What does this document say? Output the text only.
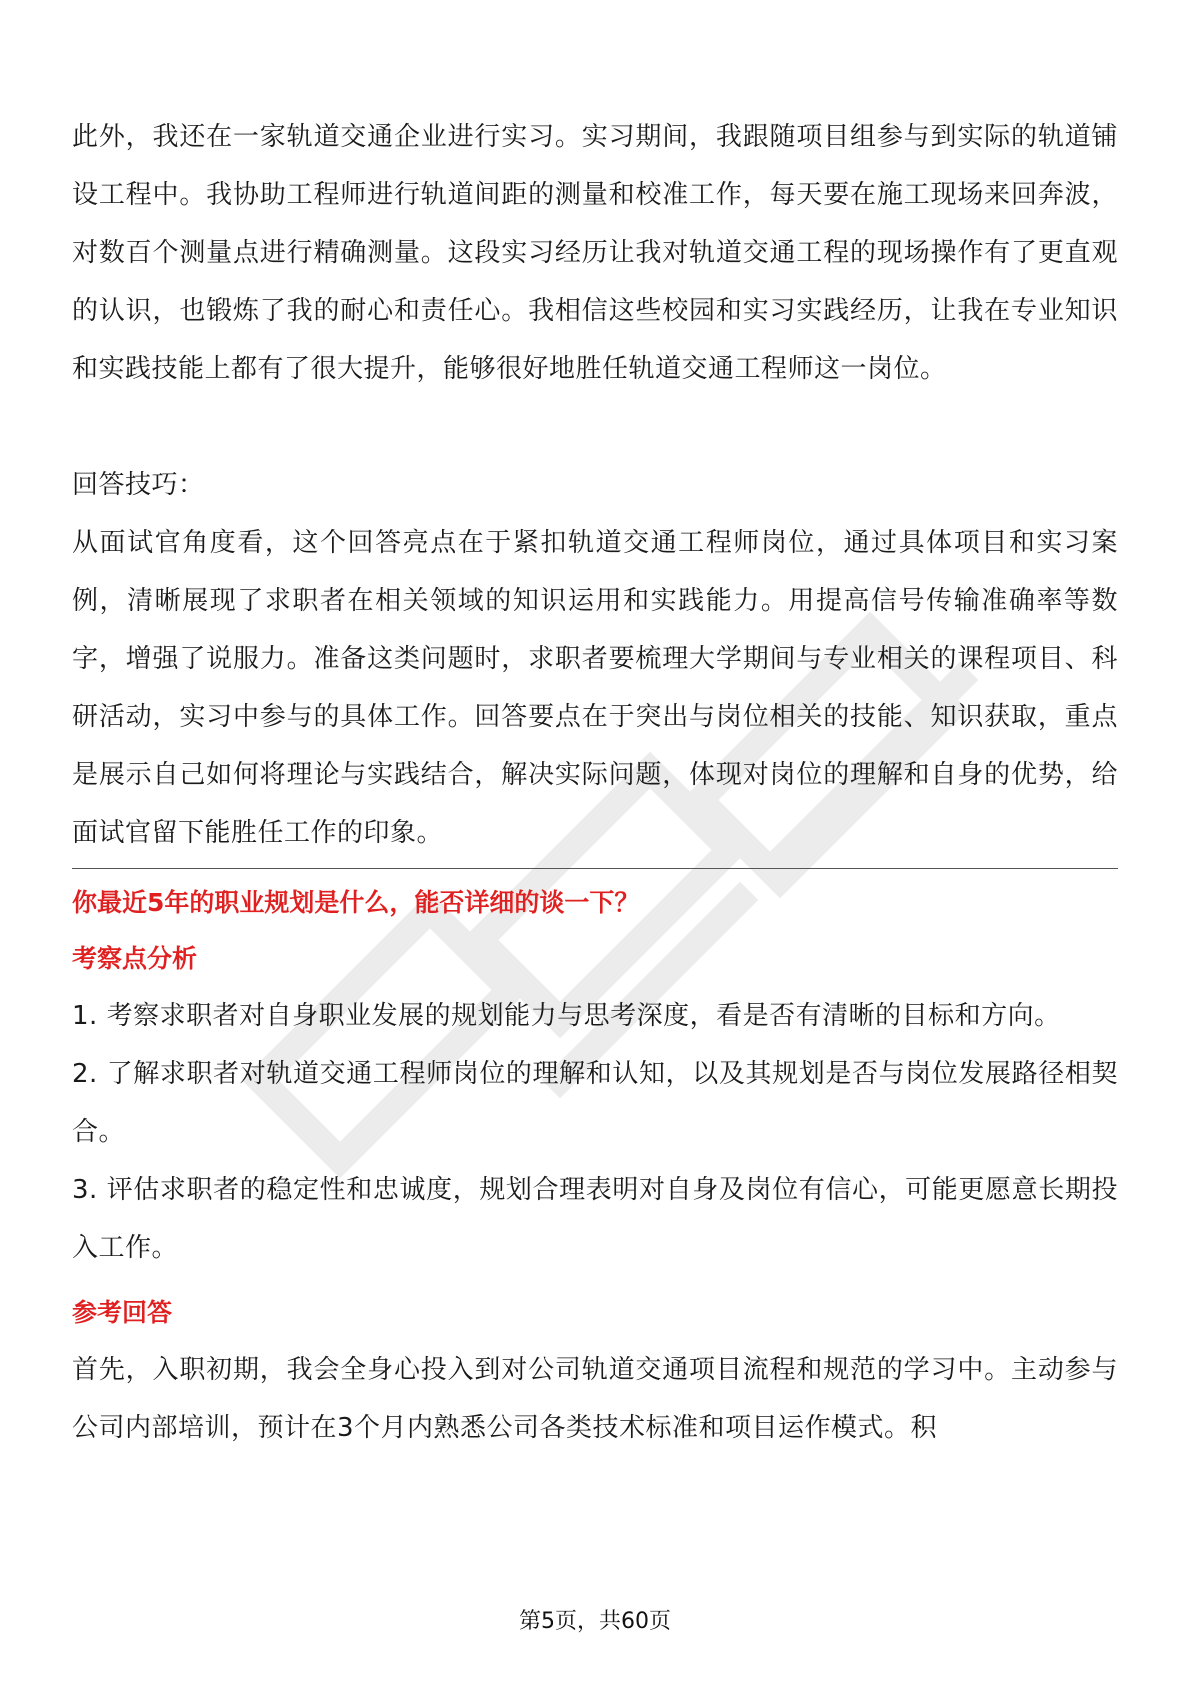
此外，我还在一家轨道交通企业进行实习。实习期间，我跟随项目组参与到实际的轨道铺设工程中。我协助工程师进行轨道间距的测量和校准工作，每天要在施工现场来回奔波，对数百个测量点进行精确测量。这段实习经历让我对轨道交通工程的现场操作有了更直观的认识，也锻炼了我的耐心和责任心。我相信这些校园和实习实践经历，让我在专业知识和实践技能上都有了很大提升，能够很好地胜任轨道交通工程师这一岗位。

回答技巧：

从面试官角度看，这个回答亮点在于紧扣轨道交通工程师岗位，通过具体项目和实习案例，清晰展现了求职者在相关领域的知识运用和实践能力。用提高信号传输准确率等数字，增强了说服力。准备这类问题时，求职者要梳理大学期间与专业相关的课程项目、科研活动，实习中参与的具体工作。回答要点在于突出与岗位相关的技能、知识获取，重点是展示自己如何将理论与实践结合，解决实际问题，体现对岗位的理解和自身的优势，给面试官留下能胜任工作的印象。

你最近5年的职业规划是什么，能否详细的谈一下？

考察点分析

1. 考察求职者对自身职业发展的规划能力与思考深度，看是否有清晰的目标和方向。

2. 了解求职者对轨道交通工程师岗位的理解和认知，以及其规划是否与岗位发展路径相契合。

3. 评估求职者的稳定性和忠诚度，规划合理表明对自身及岗位有信心，可能更愿意长期投入工作。

参考回答

首先，入职初期，我会全身心投入到对公司轨道交通项目流程和规范的学习中。主动参与公司内部培训，预计在3个月内熟悉公司各类技术标准和项目运作模式。积

第5页，共60页
